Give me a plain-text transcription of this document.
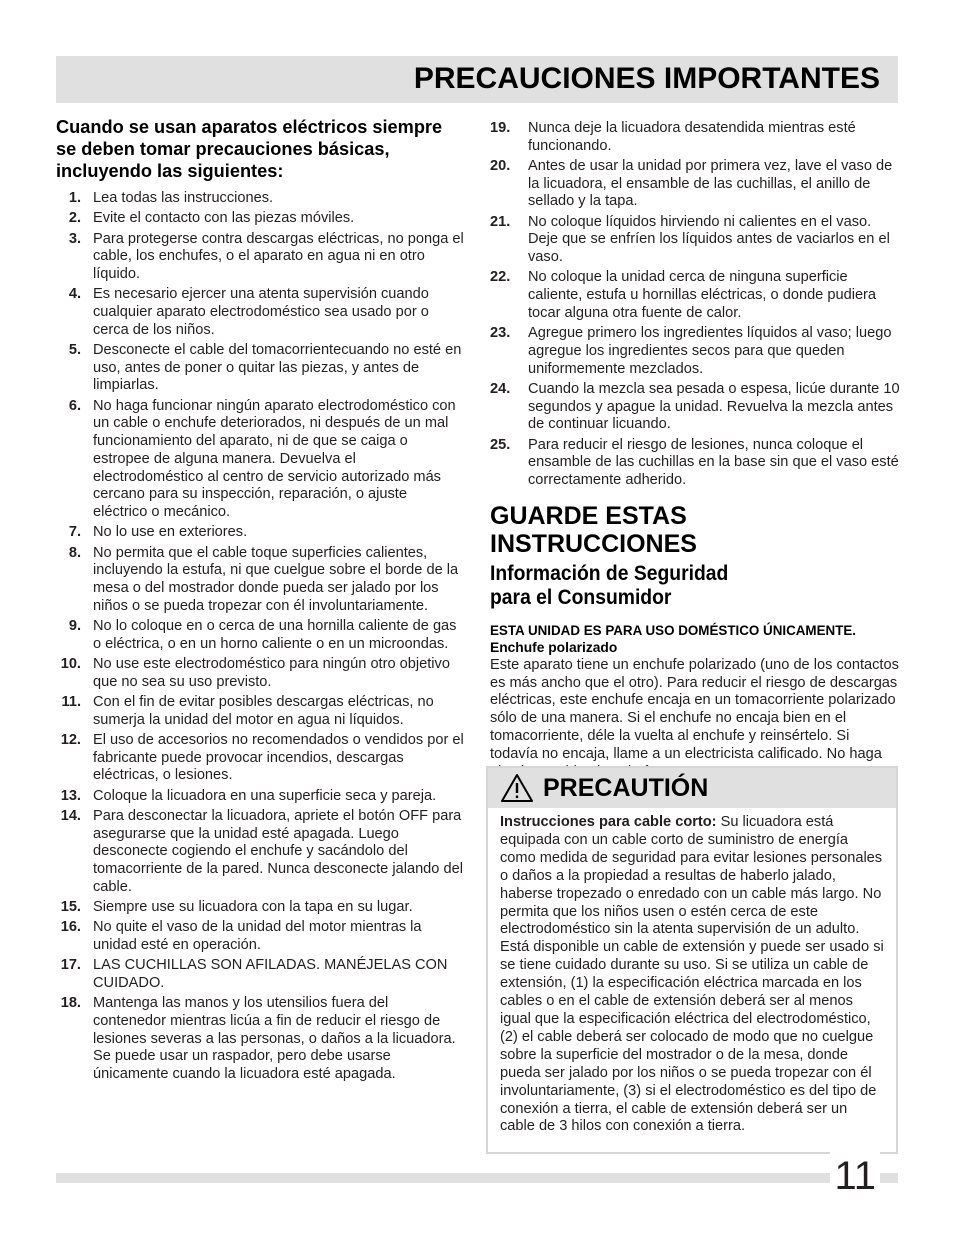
PRECAUCIONES IMPORTANTES
Cuando se usan aparatos eléctricos siempre se deben tomar precauciones básicas, incluyendo las siguientes:
1. Lea todas las instrucciones.
2. Evite el contacto con las piezas móviles.
3. Para protegerse contra descargas eléctricas, no ponga el cable, los enchufes, o el aparato en agua ni en otro líquido.
4. Es necesario ejercer una atenta supervisión cuando cualquier aparato electrodoméstico sea usado por o cerca de los niños.
5. Desconecte el cable del tomacorrientecuando no esté en uso, antes de poner o quitar las piezas, y antes de limpiarlas.
6. No haga funcionar ningún aparato electrodoméstico con un cable o enchufe deteriorados, ni después de un mal funcionamiento del aparato, ni de que se caiga o estropee de alguna manera. Devuelva el electrodoméstico al centro de servicio autorizado más cercano para su inspección, reparación, o ajuste eléctrico o mecánico.
7. No lo use en exteriores.
8. No permita que el cable toque superficies calientes, incluyendo la estufa, ni que cuelgue sobre el borde de la mesa o del mostrador donde pueda ser jalado por los niños o se pueda tropezar con él involuntariamente.
9. No lo coloque en o cerca de una hornilla caliente de gas o eléctrica, o en un horno caliente o en un microondas.
10. No use este electrodoméstico para ningún otro objetivo que no sea su uso previsto.
11. Con el fin de evitar posibles descargas eléctricas, no sumerja la unidad del motor en agua ni líquidos.
12. El uso de accesorios no recomendados o vendidos por el fabricante puede provocar incendios, descargas eléctricas, o lesiones.
13. Coloque la licuadora en una superficie seca y pareja.
14. Para desconectar la licuadora, apriete el botón OFF para asegurarse que la unidad esté apagada. Luego desconecte cogiendo el enchufe y sacándolo del tomacorriente de la pared. Nunca desconecte jalando del cable.
15. Siempre use su licuadora con la tapa en su lugar.
16. No quite el vaso de la unidad del motor mientras la unidad esté en operación.
17. LAS CUCHILLAS SON AFILADAS. MANÉJELAS CON CUIDADO.
18. Mantenga las manos y los utensilios fuera del contenedor mientras licúa a fin de reducir el riesgo de lesiones severas a las personas, o daños a la licuadora. Se puede usar un raspador, pero debe usarse únicamente cuando la licuadora esté apagada.
19.	Nunca deje la licuadora desatendida mientras esté funcionando.
20.	Antes de usar la unidad por primera vez, lave el vaso de la licuadora, el ensamble de las cuchillas, el anillo de sellado y la tapa.
21.	No coloque líquidos hirviendo ni calientes en el vaso. Deje que se enfríen los líquidos antes de vaciarlos en el vaso.
22.	No coloque la unidad cerca de ninguna superficie caliente, estufa u hornillas eléctricas, o donde pudiera tocar alguna otra fuente de calor.
23.	Agregue primero los ingredientes líquidos al vaso; luego agregue los ingredientes secos para que queden uniformemente mezclados.
24.	Cuando la mezcla sea pesada o espesa, licúe durante 10 segundos y apague la unidad. Revuelva la mezcla antes de continuar licuando.
25.	Para reducir el riesgo de lesiones, nunca coloque el ensamble de las cuchillas en la base sin que el vaso esté correctamente adherido.
GUARDE ESTAS INSTRUCCIONES
Información de Seguridad para el Consumidor
ESTA UNIDAD ES PARA USO DOMÉSTICO ÚNICAMENTE.
Enchufe polarizado
Este aparato tiene un enchufe polarizado (uno de los contactos es más ancho que el otro). Para reducir el riesgo de descargas eléctricas, este enchufe encaja en un tomacorriente polarizado sólo de una manera. Si el enchufe no encaja bien en el tomacorriente, déle la vuelta al enchufe y reinsértelo. Si todavía no encaja, llame a un electricista calificado. No haga
PRECAUTIÓN
Instrucciones para cable corto: Su licuadora está equipada con un cable corto de suministro de energía como medida de seguridad para evitar lesiones personales o daños a la propiedad a resultas de haberlo jalado, haberse tropezado o enredado con un cable más largo. No permita que los niños usen o estén cerca de este electrodoméstico sin la atenta supervisión de un adulto. Está disponible un cable de extensión y puede ser usado si se tiene cuidado durante su uso. Si se utiliza un cable de extensión, (1) la especificación eléctrica marcada en los cables o en el cable de extensión deberá ser al menos igual que la especificación eléctrica del electrodoméstico, (2) el cable deberá ser colocado de modo que no cuelgue sobre la superficie del mostrador o de la mesa, donde pueda ser jalado por los niños o se pueda tropezar con él involuntariamente, (3) si el electrodoméstico es del tipo de conexión a tierra, el cable de extensión deberá ser un cable de 3 hilos con conexión a tierra.
11
